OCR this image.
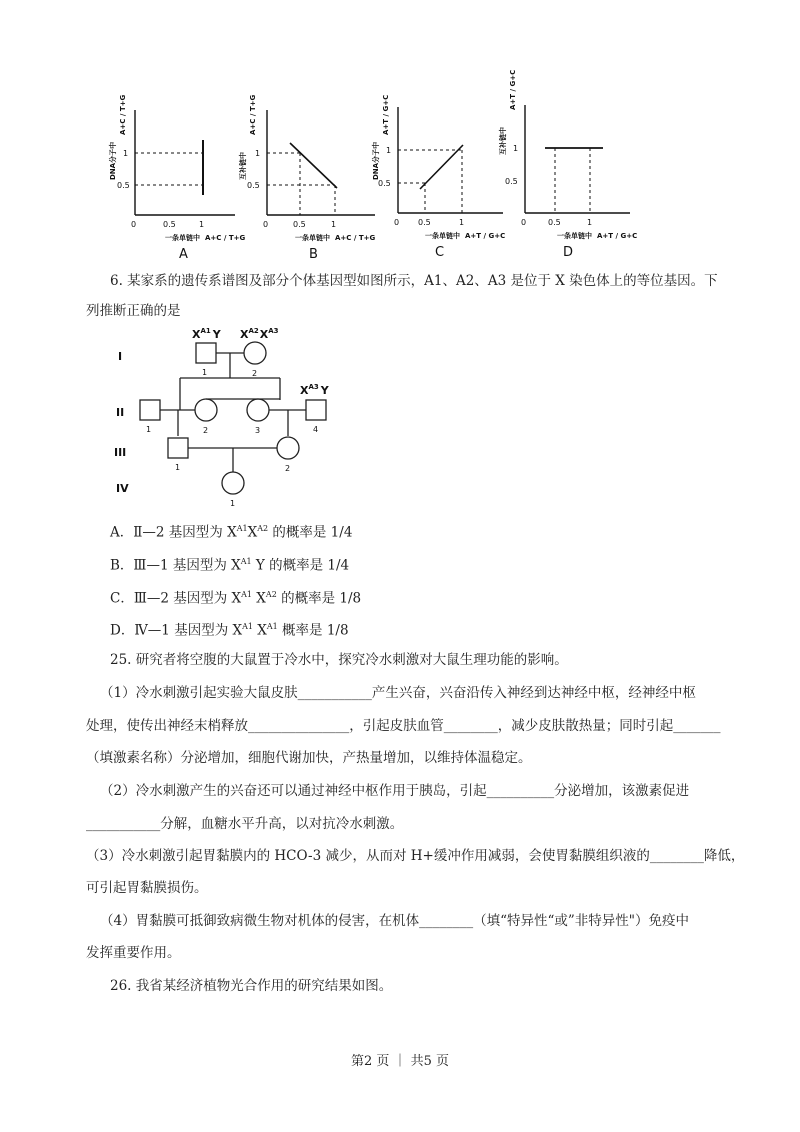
DNA分子中
A+C / T+G
1
0.5
0	0.5	1
一条单链中 A+C / T+G
A
互补链中
A+C / T+G
1
0.5
0	0.5	1
一条单链中 A+C / T+G
B
DNA分子中
A+T / G+C
1
0.5
0 0.5	1
一条单链中 A+T / G+C
C
互补链中
A+T / G+C
1
0.5
0	0.5	1
一条单链中 A+T / G+C
D
6. 某家系的遗传系谱图及部分个体基因型如图所示，A1、A2、A3 是位于 X 染色体上的等位基因。下
列推断正确的是
I
II
III
IV
$X^{A1}$ Y $X^{A2}X^{A3}$
$X^{A3}$ Y
1	2
1	2	3	4
1	2
1
A．Ⅱ—2 基因型为 $X^{A1}X^{A2}$ 的概率是 1/4
B．Ⅲ—1 基因型为 $X^{A1}$ Y 的概率是 1/4
C．Ⅲ—2 基因型为 $X^{A1}$ $X^{A2}$ 的概率是 1/8
D．Ⅳ—1 基因型为 $X^{A1}$ $X^{A1}$ 概率是 1/8
25. 研究者将空腹的大鼠置于冷水中，探究冷水刺激对大鼠生理功能的影响。
（1）冷水刺激引起实验大鼠皮肤___________产生兴奋，兴奋沿传入神经到达神经中枢，经神经中枢
处理，使传出神经末梢释放_______________，引起皮肤血管________，减少皮肤散热量；同时引起_______
（填激素名称）分泌增加，细胞代谢加快，产热量增加，以维持体温稳定。
（2）冷水刺激产生的兴奋还可以通过神经中枢作用于胰岛，引起__________分泌增加，该激素促进
___________分解，血糖水平升高，以对抗冷水刺激。
（3）冷水刺激引起胃黏膜内的 HCO-3 减少，从而对 H+缓冲作用减弱，会使胃黏膜组织液的________降低，
可引起胃黏膜损伤。
（4）胃黏膜可抵御致病微生物对机体的侵害，在机体________（填“特异性“或”非特异性"）免疫中
发挥重要作用。
26. 我省某经济植物光合作用的研究结果如图。
第2 页 ｜ 共5 页
